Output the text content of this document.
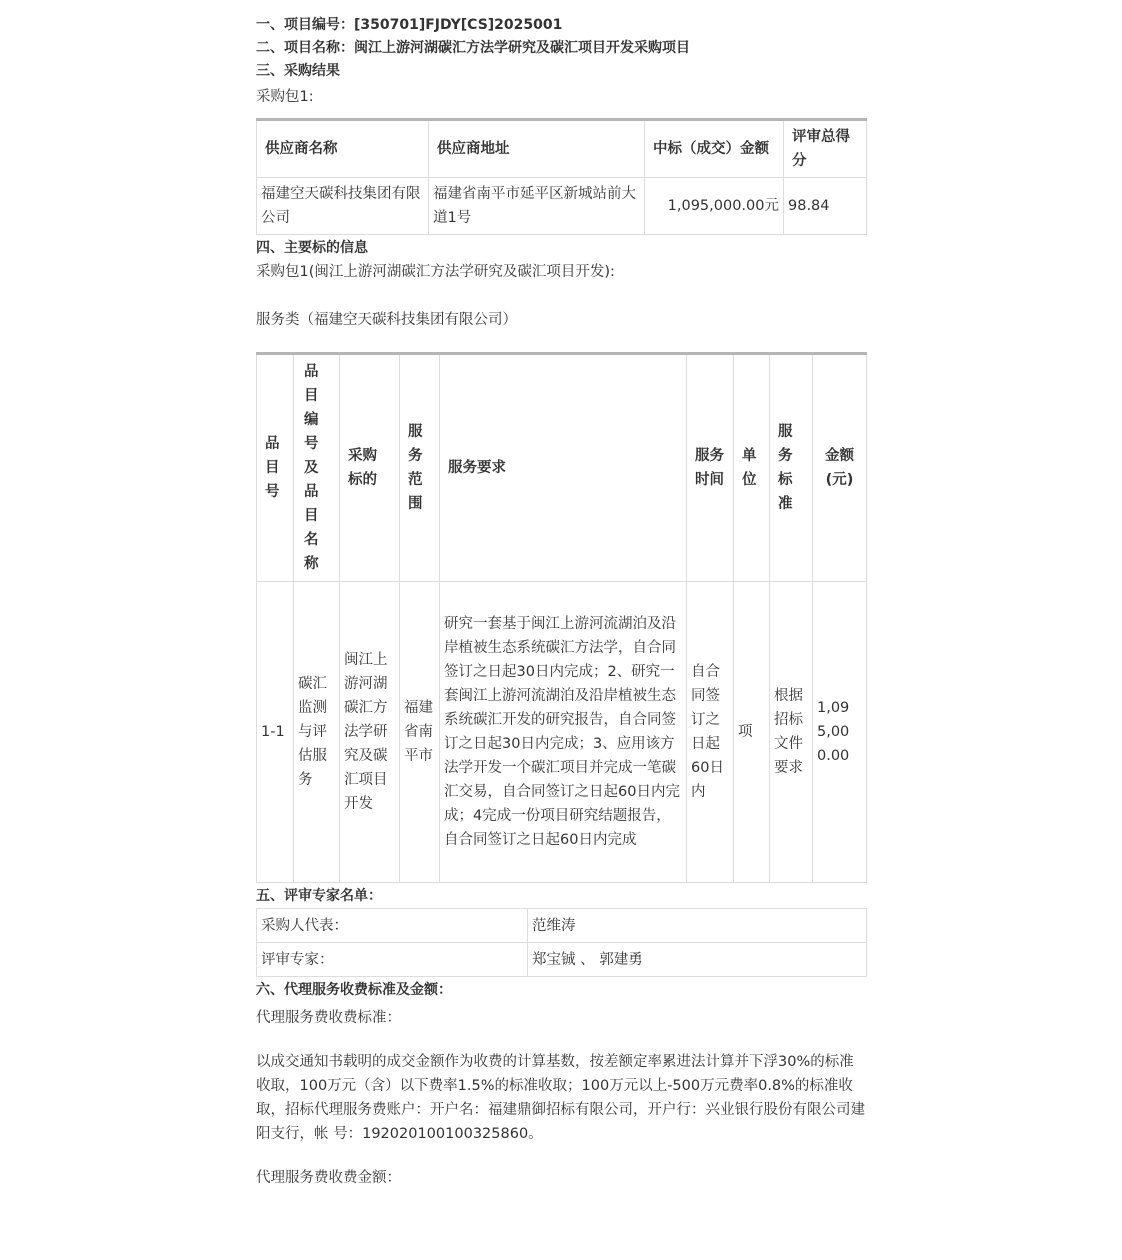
一、项目编号：[350701]FJDY[CS]2025001

二、项目名称：闽江上游河湖碳汇方法学研究及碳汇项目开发采购项目

三、采购结果

采购包1:

供应商名称	供应商地址	中标（成交）金额	评审总得分
福建空天碳科技集团有限公司	福建省南平市延平区新城站前大道1号	1,095,000.00元	98.84

四、主要标的信息

采购包1(闽江上游河湖碳汇方法学研究及碳汇项目开发):

服务类（福建空天碳科技集团有限公司）

品目号	品目编号及品目名称	采购标的	服务范围	服务要求	服务时间	单位	服务标准	金额(元)
1-1	碳汇监测与评估服务	闽江上游河湖碳汇方法学研究及碳汇项目开发	福建省南平市	研究一套基于闽江上游河流湖泊及沿岸植被生态系统碳汇方法学，自合同签订之日起30日内完成；2、研究一套闽江上游河流湖泊及沿岸植被生态系统碳汇开发的研究报告，自合同签订之日起30日内完成；3、应用该方法学开发一个碳汇项目并完成一笔碳汇交易，自合同签订之日起60日内完成；4完成一份项目研究结题报告，自合同签订之日起60日内完成	自合同签订之日起60日内	项	根据招标文件要求	1,095,000.00

五、评审专家名单：

采购人代表：	范维涛
评审专家：	郑宝铖 、 郭建勇

六、代理服务收费标准及金额：

代理服务费收费标准：

以成交通知书载明的成交金额作为收费的计算基数，按差额定率累进法计算并下浮30%的标准收取，100万元（含）以下费率1.5%的标准收取；100万元以上-500万元费率0.8%的标准收取，招标代理服务费账户：开户名：福建鼎御招标有限公司，开户行：兴业银行股份有限公司建阳支行，帐 号：19202010010032586​0。

代理服务费收费金额：
